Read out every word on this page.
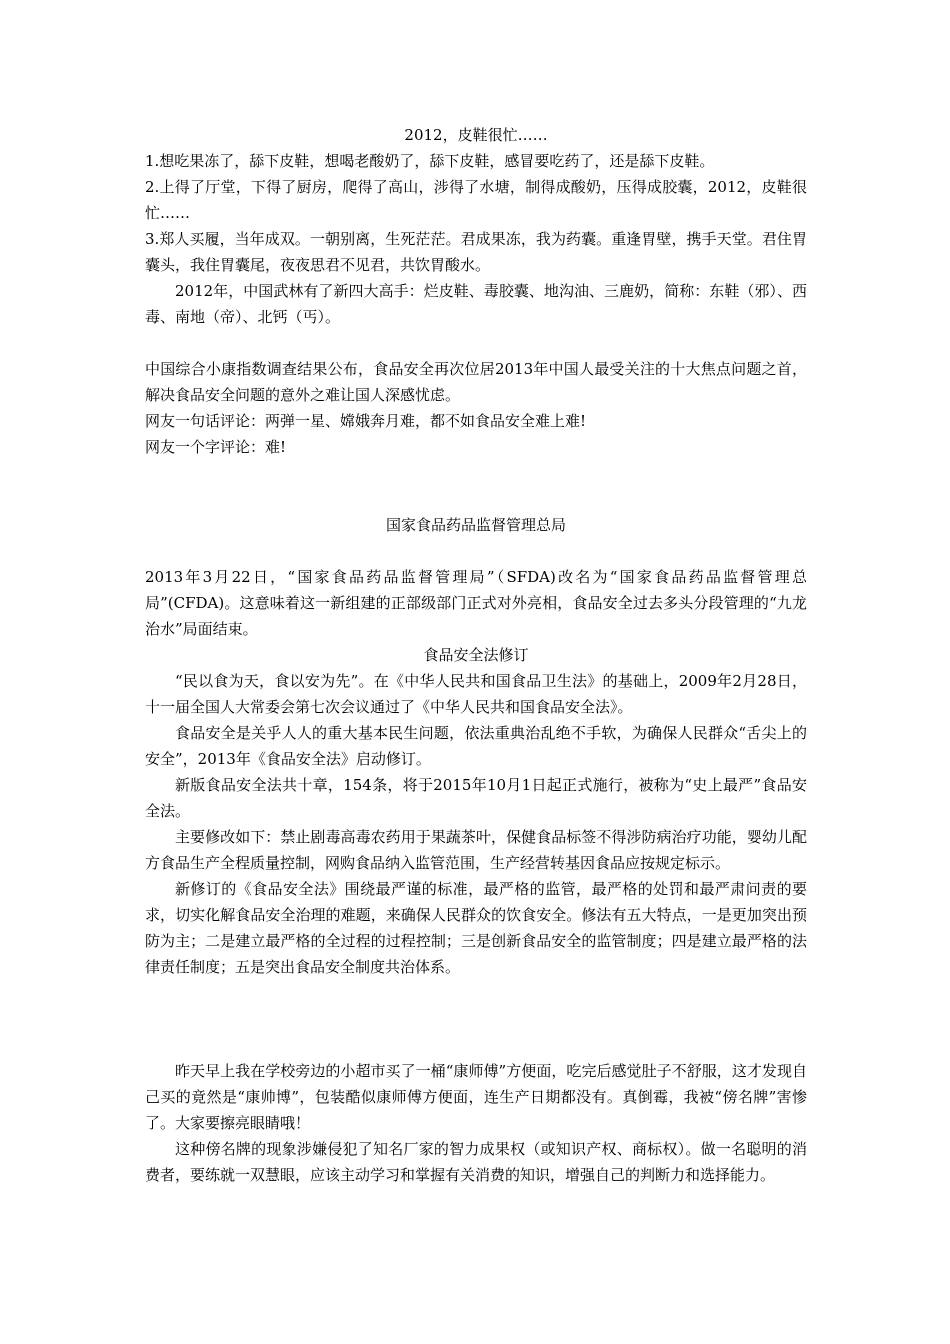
2012，皮鞋很忙……
1.想吃果冻了，舔下皮鞋，想喝老酸奶了，舔下皮鞋，感冒要吃药了，还是舔下皮鞋。
2.上得了厅堂，下得了厨房，爬得了高山，涉得了水塘，制得成酸奶，压得成胶囊，2012，皮鞋很忙……
3.郑人买履，当年成双。一朝别离，生死茫茫。君成果冻，我为药囊。重逢胃壁，携手天堂。君住胃囊头，我住胃囊尾，夜夜思君不见君，共饮胃酸水。
2012年，中国武林有了新四大高手：烂皮鞋、毒胶囊、地沟油、三鹿奶，简称：东鞋（邪）、西毒、南地（帝）、北钙（丐）。
中国综合小康指数调查结果公布，食品安全再次位居2013年中国人最受关注的十大焦点问题之首，解决食品安全问题的意外之难让国人深感忧虑。
网友一句话评论：两弹一星、嫦娥奔月难，都不如食品安全难上难!
网友一个字评论：难!
国家食品药品监督管理总局
2013年3月22日，“国家食品药品监督管理局”（SFDA)改名为“国家食品药品监督管理总局”(CFDA)。这意味着这一新组建的正部级部门正式对外亮相，食品安全过去多头分段管理的“九龙治水”局面结束。
食品安全法修订
“民以食为天，食以安为先”。在《中华人民共和国食品卫生法》的基础上，2009年2月28日，十一届全国人大常委会第七次会议通过了《中华人民共和国食品安全法》。
食品安全是关乎人人的重大基本民生问题，依法重典治乱绝不手软，为确保人民群众“舌尖上的安全”，2013年《食品安全法》启动修订。
新版食品安全法共十章，154条，将于2015年10月1日起正式施行，被称为“史上最严”食品安全法。
主要修改如下：禁止剧毒高毒农药用于果蔬茶叶，保健食品标签不得涉防病治疗功能，婴幼儿配方食品生产全程质量控制，网购食品纳入监管范围，生产经营转基因食品应按规定标示。
新修订的《食品安全法》围绕最严谨的标准，最严格的监管，最严格的处罚和最严肃问责的要求，切实化解食品安全治理的难题，来确保人民群众的饮食安全。修法有五大特点，一是更加突出预防为主；二是建立最严格的全过程的过程控制；三是创新食品安全的监管制度；四是建立最严格的法律责任制度；五是突出食品安全制度共治体系。
昨天早上我在学校旁边的小超市买了一桶“康师傅”方便面，吃完后感觉肚子不舒服，这才发现自己买的竟然是“康帅博”，包装酷似康师傅方便面，连生产日期都没有。真倒霉，我被“傍名牌”害惨了。大家要擦亮眼睛哦！
这种傍名牌的现象涉嫌侵犯了知名厂家的智力成果权（或知识产权、商标权）。做一名聪明的消费者，要练就一双慧眼，应该主动学习和掌握有关消费的知识，增强自己的判断力和选择能力。
